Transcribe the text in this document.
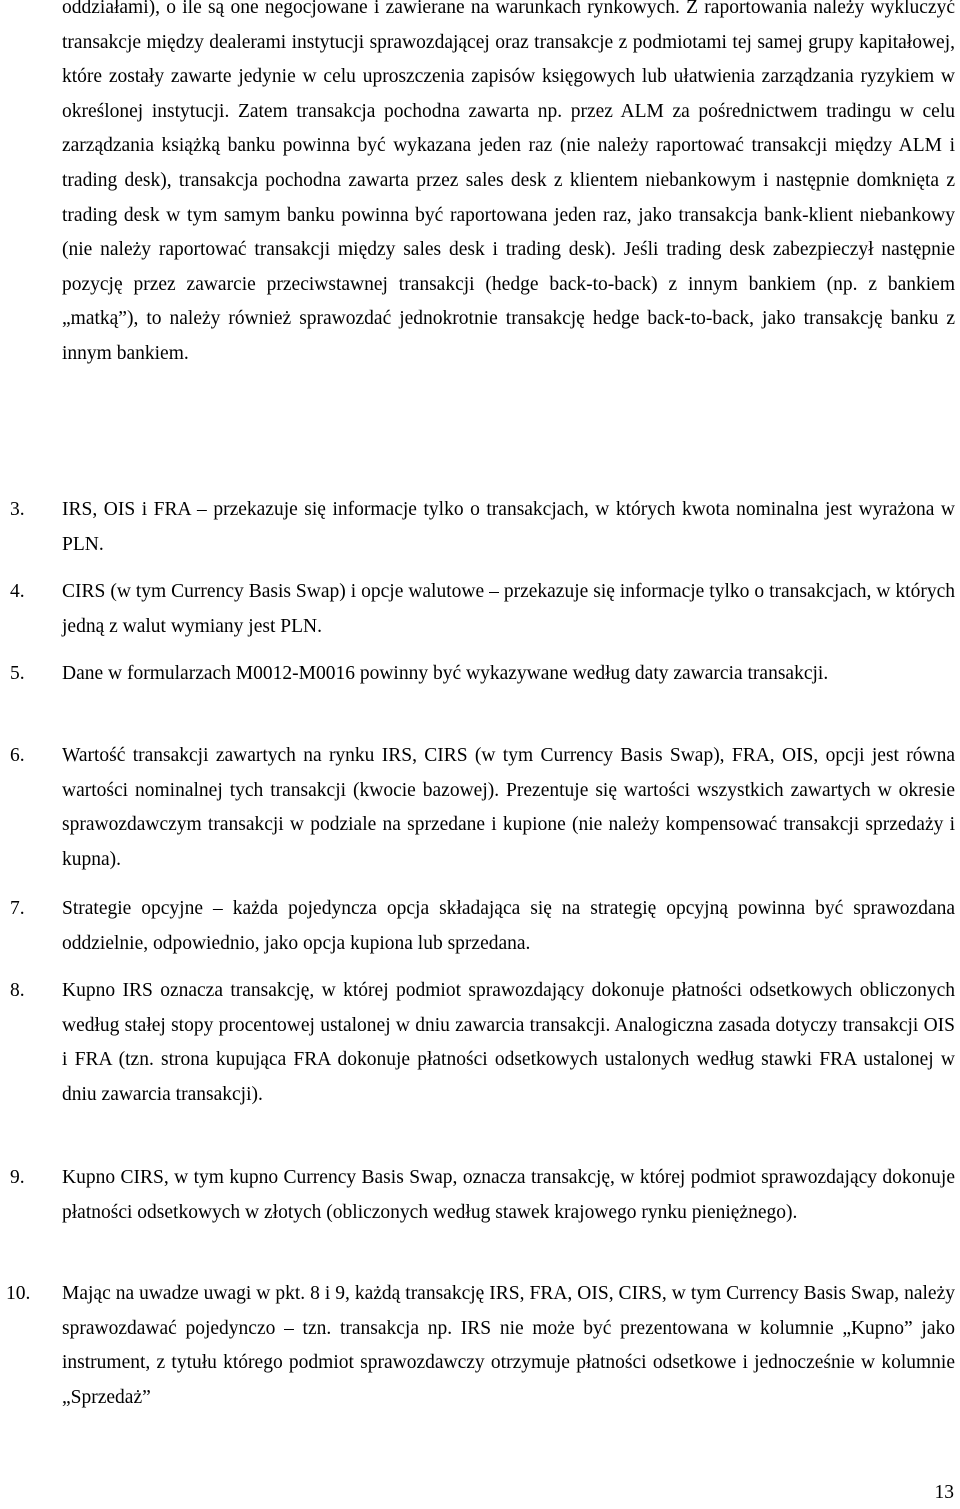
oddziałami), o ile są one negocjowane i zawierane na warunkach rynkowych. Z raportowania należy wykluczyć transakcje między dealerami instytucji sprawozdającej oraz transakcje z podmiotami tej samej grupy kapitałowej, które zostały zawarte jedynie w celu uproszczenia zapisów księgowych lub ułatwienia zarządzania ryzykiem w określonej instytucji. Zatem transakcja pochodna zawarta np. przez ALM za pośrednictwem tradingu w celu zarządzania książką banku powinna być wykazana jeden raz (nie należy raportować transakcji między ALM i trading desk), transakcja pochodna zawarta przez sales desk z klientem niebankowym i następnie domknięta z trading desk w tym samym banku powinna być raportowana jeden raz, jako transakcja bank-klient niebankowy (nie należy raportować transakcji między sales desk i trading desk). Jeśli trading desk zabezpieczył następnie pozycję przez zawarcie przeciwstawnej transakcji (hedge back-to-back) z innym bankiem (np. z bankiem „matką”), to należy również sprawozdać jednokrotnie transakcję hedge back-to-back, jako transakcję banku z innym bankiem.

3. IRS, OIS i FRA – przekazuje się informacje tylko o transakcjach, w których kwota nominalna jest wyrażona w PLN.

4. CIRS (w tym Currency Basis Swap) i opcje walutowe – przekazuje się informacje tylko o transakcjach, w których jedną z walut wymiany jest PLN.

5. Dane w formularzach M0012-M0016 powinny być wykazywane według daty zawarcia transakcji.

6. Wartość transakcji zawartych na rynku IRS, CIRS (w tym Currency Basis Swap), FRA, OIS, opcji jest równa wartości nominalnej tych transakcji (kwocie bazowej). Prezentuje się wartości wszystkich zawartych w okresie sprawozdawczym transakcji w podziale na sprzedane i kupione (nie należy kompensować transakcji sprzedaży i kupna).

7. Strategie opcyjne – każda pojedyncza opcja składająca się na strategię opcyjną powinna być sprawozdana oddzielnie, odpowiednio, jako opcja kupiona lub sprzedana.

8. Kupno IRS oznacza transakcję, w której podmiot sprawozdający dokonuje płatności odsetkowych obliczonych według stałej stopy procentowej ustalonej w dniu zawarcia transakcji. Analogiczna zasada dotyczy transakcji OIS i FRA (tzn. strona kupująca FRA dokonuje płatności odsetkowych ustalonych według stawki FRA ustalonej w dniu zawarcia transakcji).

9. Kupno CIRS, w tym kupno Currency Basis Swap, oznacza transakcję, w której podmiot sprawozdający dokonuje płatności odsetkowych w złotych (obliczonych według stawek krajowego rynku pieniężnego).

10. Mając na uwadze uwagi w pkt. 8 i 9, każdą transakcję IRS, FRA, OIS, CIRS, w tym Currency Basis Swap, należy sprawozdawać pojedynczo – tzn. transakcja np. IRS nie może być prezentowana w kolumnie „Kupno” jako instrument, z tytułu którego podmiot sprawozdawczy otrzymuje płatności odsetkowe i jednocześnie w kolumnie „Sprzedaż”

13
